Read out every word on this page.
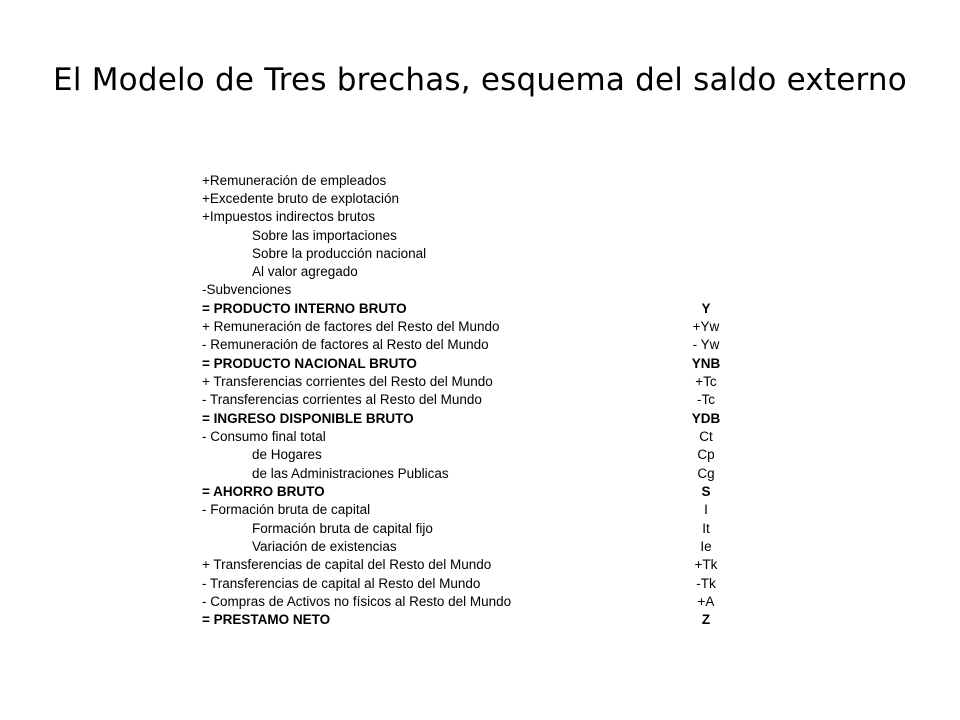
El Modelo de Tres brechas, esquema del saldo externo
+Remuneración de empleados
+Excedente bruto de explotación
+Impuestos indirectos brutos
Sobre las importaciones
Sobre la producción nacional
Al valor agregado
-Subvenciones
= PRODUCTO INTERNO BRUTO	Y
+ Remuneración de factores del Resto del Mundo	+Yw
- Remuneración de factores al Resto del Mundo	- Yw
= PRODUCTO NACIONAL BRUTO	YNB
+ Transferencias corrientes del Resto del Mundo	+Tc
- Transferencias corrientes al Resto del Mundo	-Tc
= INGRESO DISPONIBLE BRUTO	YDB
- Consumo final total	Ct
de Hogares	Cp
de las Administraciones Publicas	Cg
= AHORRO BRUTO	S
- Formación bruta de capital	I
Formación bruta de capital fijo	It
Variación de existencias	Ie
+ Transferencias de capital del Resto del Mundo	+Tk
- Transferencias de capital al Resto del Mundo	-Tk
- Compras de Activos no físicos al Resto del Mundo	+A
= PRESTAMO NETO	Z
